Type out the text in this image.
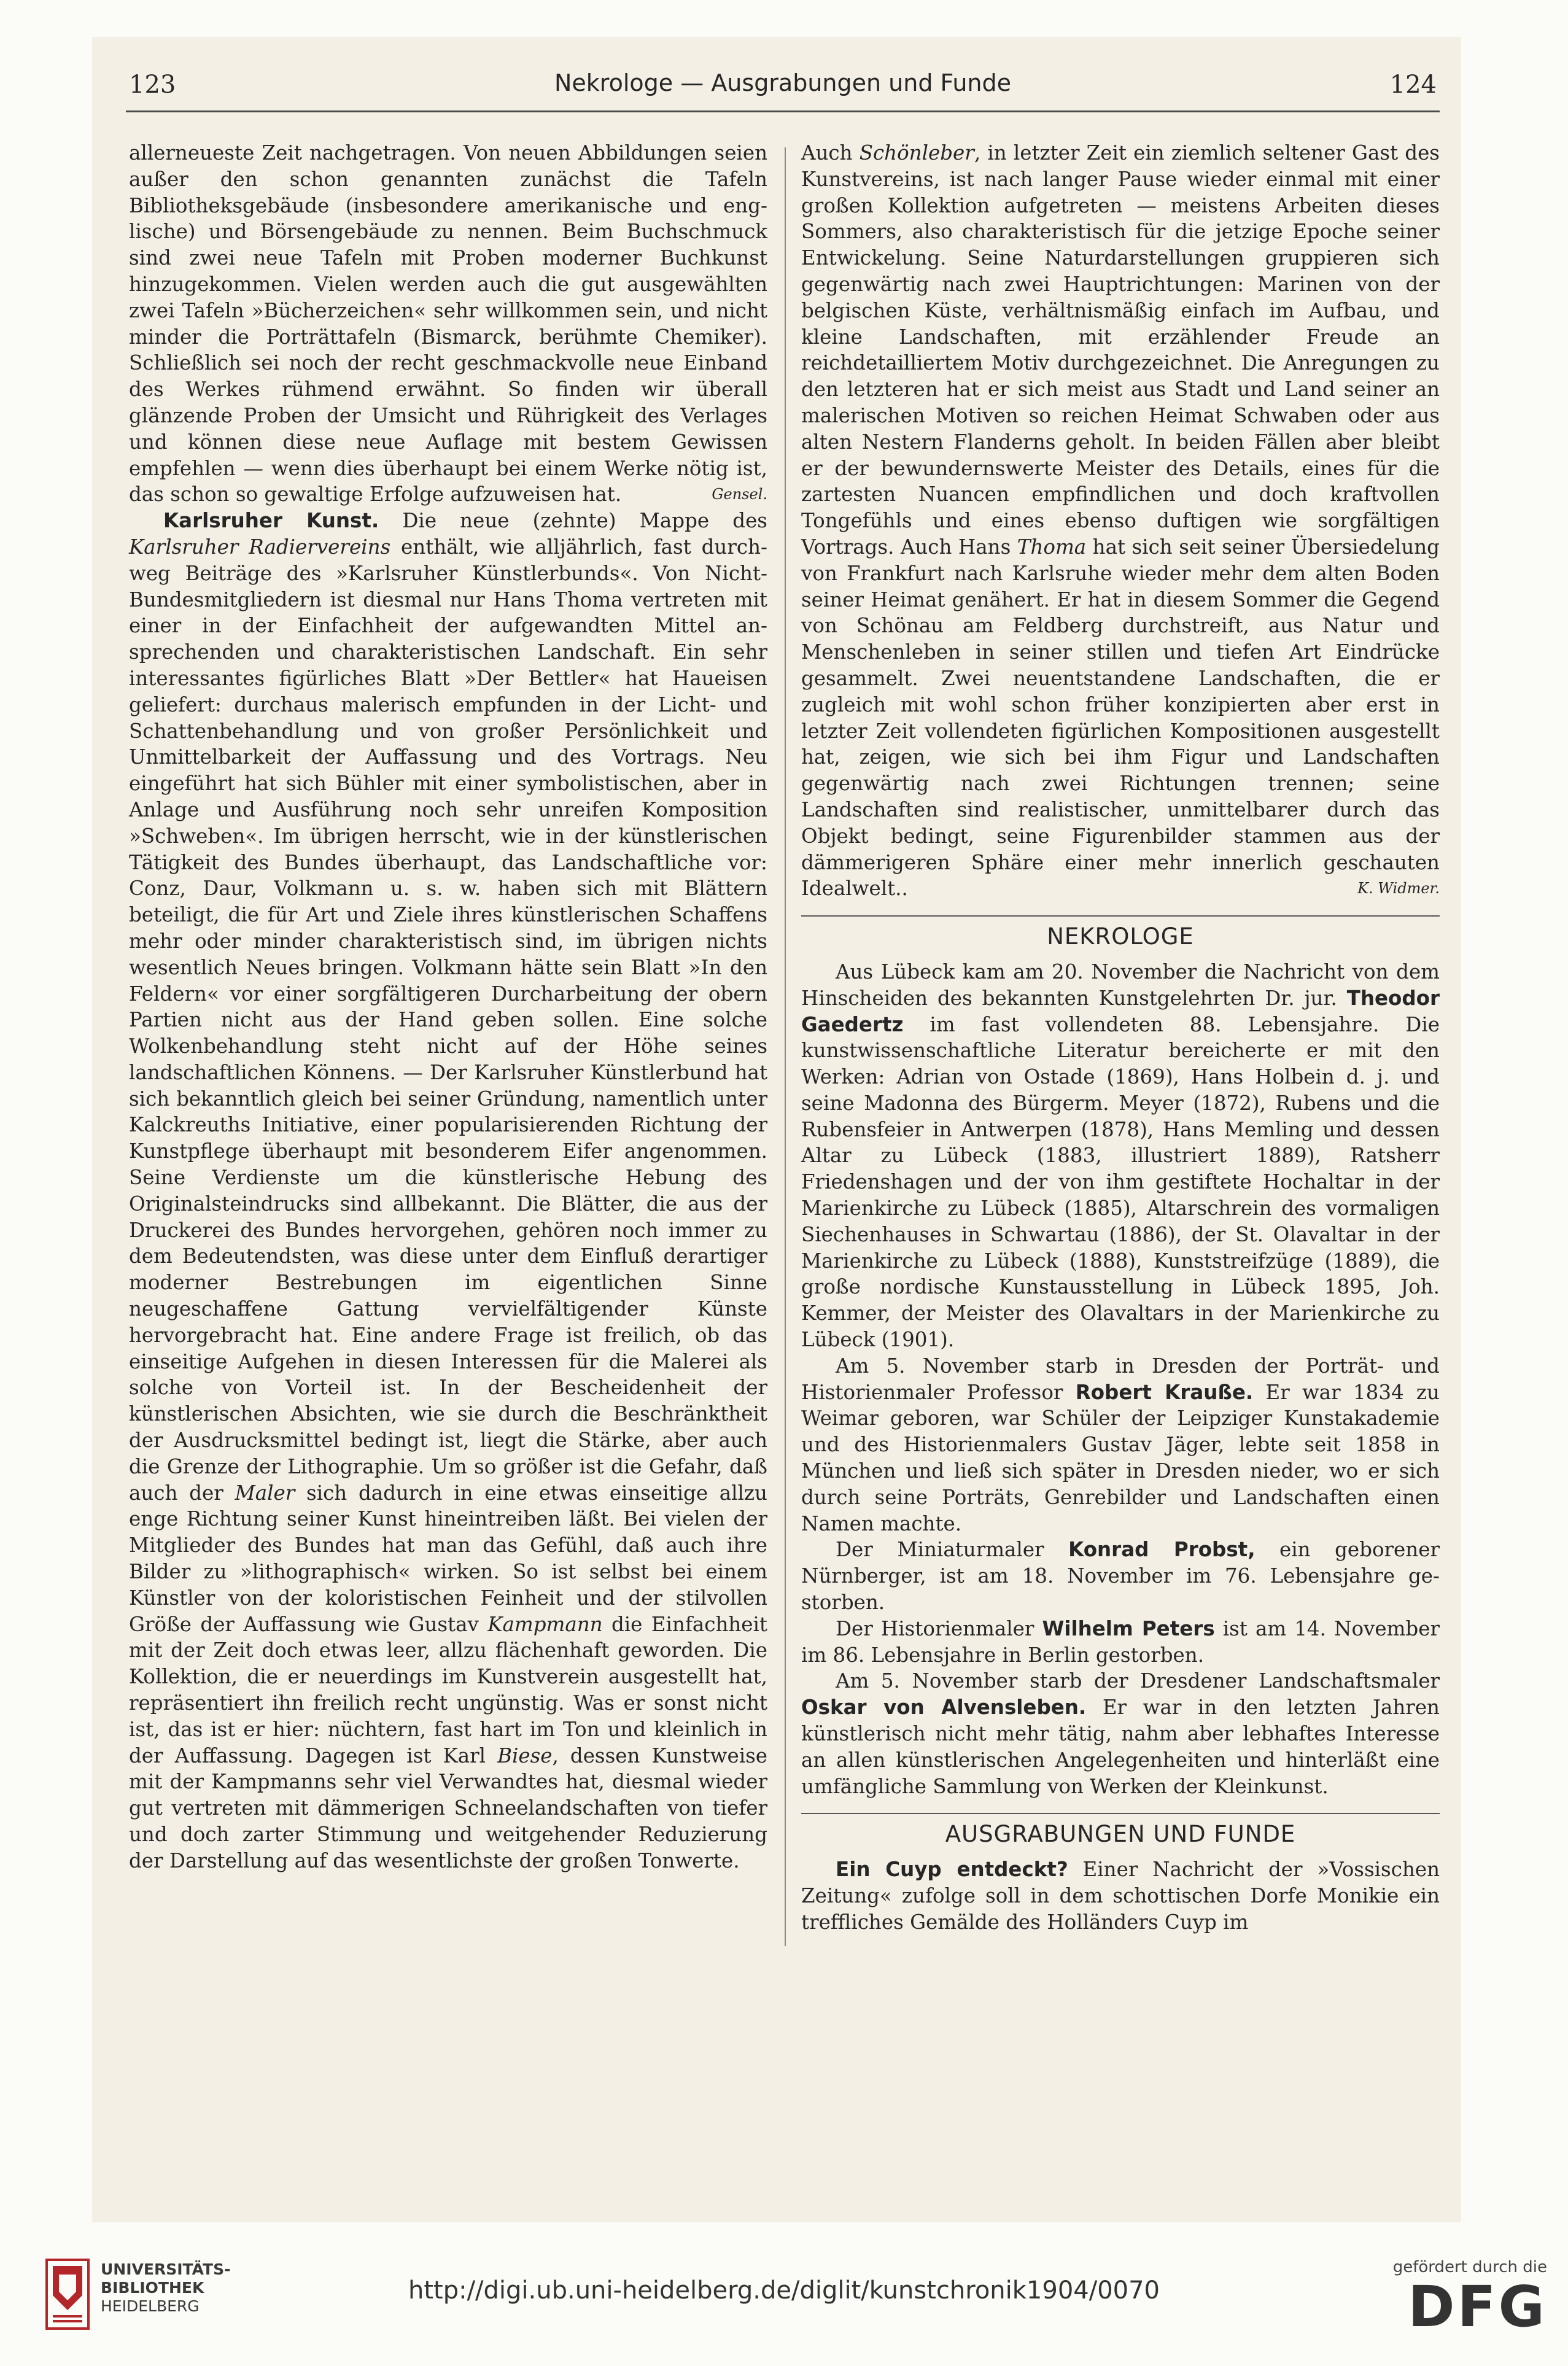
123	Nekrologe — Ausgrabungen und Funde	124

allerneueste Zeit nachgetragen. Von neuen Abbildungen seien außer den schon genannten zunächst die Tafeln Bibliotheksgebäude (insbesondere amerikanische und englische) und Börsengebäude zu nennen. Beim Buchschmuck sind zwei neue Tafeln mit Proben moderner Buchkunst hinzugekommen. Vielen werden auch die gut ausgewählten zwei Tafeln »Bücherzeichen« sehr willkommen sein, und nicht minder die Porträttafeln (Bismarck, berühmte Chemiker). Schließlich sei noch der recht geschmackvolle neue Einband des Werkes rühmend erwähnt. So finden wir überall glänzende Proben der Umsicht und Rührigkeit des Verlages und können diese neue Auflage mit bestem Gewissen empfehlen — wenn dies überhaupt bei einem Werke nötig ist, das schon so gewaltige Erfolge aufzuweisen hat.	Gensel.

Karlsruher Kunst. Die neue (zehnte) Mappe des Karlsruher Radiervereins enthält, wie alljährlich, fast durchweg Beiträge des »Karlsruher Künstlerbunds«. Von Nicht-Bundesmitgliedern ist diesmal nur Hans Thoma vertreten mit einer in der Einfachheit der aufgewandten Mittel ansprechenden und charakteristischen Landschaft. Ein sehr interessantes figürliches Blatt »Der Bettler« hat Haueisen geliefert: durchaus malerisch empfunden in der Licht- und Schattenbehandlung und von großer Persönlichkeit und Unmittelbarkeit der Auffassung und des Vortrags. Neu eingeführt hat sich Bühler mit einer symbolistischen, aber in Anlage und Ausführung noch sehr unreifen Komposition »Schweben«. Im übrigen herrscht, wie in der künstlerischen Tätigkeit des Bundes überhaupt, das Landschaftliche vor: Conz, Daur, Volkmann u. s. w. haben sich mit Blättern beteiligt, die für Art und Ziele ihres künstlerischen Schaffens mehr oder minder charakteristisch sind, im übrigen nichts wesentlich Neues bringen. Volkmann hätte sein Blatt »In den Feldern« vor einer sorgfältigeren Durcharbeitung der obern Partien nicht aus der Hand geben sollen. Eine solche Wolkenbehandlung steht nicht auf der Höhe seines landschaftlichen Könnens. — Der Karlsruher Künstlerbund hat sich bekanntlich gleich bei seiner Gründung, namentlich unter Kalckreuths Initiative, einer popularisierenden Richtung der Kunstpflege überhaupt mit besonderem Eifer angenommen. Seine Verdienste um die künstlerische Hebung des Originalsteindrucks sind allbekannt. Die Blätter, die aus der Druckerei des Bundes hervorgehen, gehören noch immer zu dem Bedeutendsten, was diese unter dem Einfluß derartiger moderner Bestrebungen im eigentlichen Sinne neugeschaffene Gattung vervielfältigender Künste hervorgebracht hat. Eine andere Frage ist freilich, ob das einseitige Aufgehen in diesen Interessen für die Malerei als solche von Vorteil ist. In der Bescheidenheit der künstlerischen Absichten, wie sie durch die Beschränktheit der Ausdrucksmittel bedingt ist, liegt die Stärke, aber auch die Grenze der Lithographie. Um so größer ist die Gefahr, daß auch der Maler sich dadurch in eine etwas einseitige allzu enge Richtung seiner Kunst hineintreiben läßt. Bei vielen der Mitglieder des Bundes hat man das Gefühl, daß auch ihre Bilder zu »lithographisch« wirken. So ist selbst bei einem Künstler von der koloristischen Feinheit und der stilvollen Größe der Auffassung wie Gustav Kampmann die Einfachheit mit der Zeit doch etwas leer, allzu flächenhaft geworden. Die Kollektion, die er neuerdings im Kunstverein ausgestellt hat, repräsentiert ihn freilich recht ungünstig. Was er sonst nicht ist, das ist er hier: nüchtern, fast hart im Ton und kleinlich in der Auffassung. Dagegen ist Karl Biese, dessen Kunstweise mit der Kampmanns sehr viel Verwandtes hat, diesmal wieder gut vertreten mit dämmerigen Schneelandschaften von tiefer und doch zarter Stimmung und weitgehender Reduzierung der Darstellung auf das wesentlichste der großen Tonwerte.

Auch Schönleber, in letzter Zeit ein ziemlich seltener Gast des Kunstvereins, ist nach langer Pause wieder einmal mit einer großen Kollektion aufgetreten — meistens Arbeiten dieses Sommers, also charakteristisch für die jetzige Epoche seiner Entwickelung. Seine Naturdarstellungen gruppieren sich gegenwärtig nach zwei Hauptrichtungen: Marinen von der belgischen Küste, verhältnismäßig einfach im Aufbau, und kleine Landschaften, mit erzählender Freude an reichdetailliertem Motiv durchgezeichnet. Die Anregungen zu den letzteren hat er sich meist aus Stadt und Land seiner an malerischen Motiven so reichen Heimat Schwaben oder aus alten Nestern Flanderns geholt. In beiden Fällen aber bleibt er der bewundernswerte Meister des Details, eines für die zartesten Nuancen empfindlichen und doch kraftvollen Tongefühls und eines ebenso duftigen wie sorgfältigen Vortrags. Auch Hans Thoma hat sich seit seiner Übersiedelung von Frankfurt nach Karlsruhe wieder mehr dem alten Boden seiner Heimat genähert. Er hat in diesem Sommer die Gegend von Schönau am Feldberg durchstreift, aus Natur und Menschenleben in seiner stillen und tiefen Art Eindrücke gesammelt. Zwei neuentstandene Landschaften, die er zugleich mit wohl schon früher konzipierten aber erst in letzter Zeit vollendeten figürlichen Kompositionen ausgestellt hat, zeigen, wie sich bei ihm Figur und Landschaften gegenwärtig nach zwei Richtungen trennen; seine Landschaften sind realistischer, unmittelbarer durch das Objekt bedingt, seine Figurenbilder stammen aus der dämmerigeren Sphäre einer mehr innerlich geschauten Idealwelt..	K. Widmer.

NEKROLOGE

Aus Lübeck kam am 20. November die Nachricht von dem Hinscheiden des bekannten Kunstgelehrten Dr. jur. Theodor Gaedertz im fast vollendeten 88. Lebensjahre. Die kunstwissenschaftliche Literatur bereicherte er mit den Werken: Adrian von Ostade (1869), Hans Holbein d. j. und seine Madonna des Bürgerm. Meyer (1872), Rubens und die Rubensfeier in Antwerpen (1878), Hans Memling und dessen Altar zu Lübeck (1883, illustriert 1889), Ratsherr Friedenshagen und der von ihm gestiftete Hochaltar in der Marienkirche zu Lübeck (1885), Altarschrein des vormaligen Siechenhauses in Schwartau (1886), der St. Olavaltar in der Marienkirche zu Lübeck (1888), Kunststreifzüge (1889), die große nordische Kunstausstellung in Lübeck 1895, Joh. Kemmer, der Meister des Olavaltars in der Marienkirche zu Lübeck (1901).

Am 5. November starb in Dresden der Porträt- und Historienmaler Professor Robert Krauße. Er war 1834 zu Weimar geboren, war Schüler der Leipziger Kunstakademie und des Historienmalers Gustav Jäger, lebte seit 1858 in München und ließ sich später in Dresden nieder, wo er sich durch seine Porträts, Genrebilder und Landschaften einen Namen machte.

Der Miniaturmaler Konrad Probst, ein geborener Nürnberger, ist am 18. November im 76. Lebensjahre gestorben.

Der Historienmaler Wilhelm Peters ist am 14. November im 86. Lebensjahre in Berlin gestorben.

Am 5. November starb der Dresdener Landschaftsmaler Oskar von Alvensleben. Er war in den letzten Jahren künstlerisch nicht mehr tätig, nahm aber lebhaftes Interesse an allen künstlerischen Angelegenheiten und hinterläßt eine umfängliche Sammlung von Werken der Kleinkunst.

AUSGRABUNGEN UND FUNDE

Ein Cuyp entdeckt? Einer Nachricht der »Vossischen Zeitung« zufolge soll in dem schottischen Dorfe Monikie ein treffliches Gemälde des Holländers Cuyp im

UNIVERSITÄTS-
BIBLIOTHEK
HEIDELBERG
http://digi.ub.uni-heidelberg.de/diglit/kunstchronik1904/0070
gefördert durch die
DFG
